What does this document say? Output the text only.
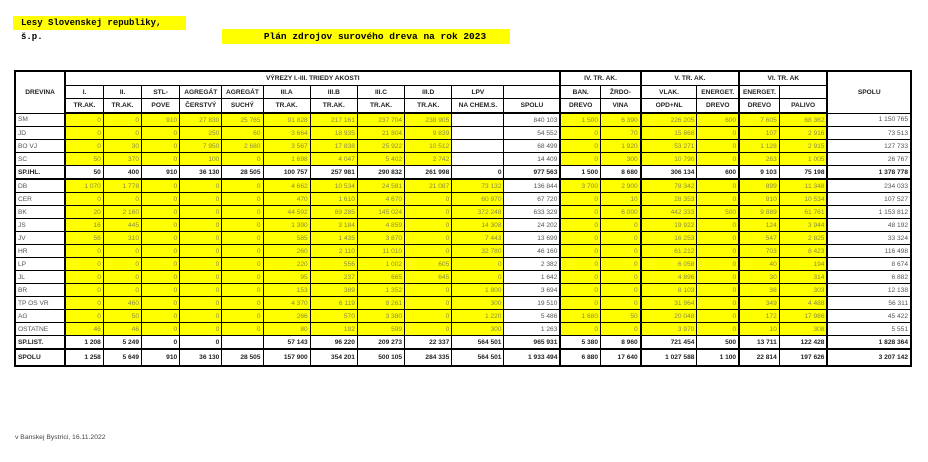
Lesy Slovenskej republiky, š.p.	Plán zdrojov surového dreva na rok 2023
DREVINA	VÝREZY I.-III. TRIEDY AKOSTI											IV. TR. AK.		V. TR. AK.		VI. TR. AK		SPOLU
	I.	II.	STL-	AGREGÁT	AGREGÁT	III.A	III.B	III.C	III.D	LPV		BAN.	ŽRDO-	VLAK.	ENERGET.	ENERGET.		
	TR.AK.	TR.AK.	POVE	ČERSTVÝ	SUCHÝ	TR.AK.	TR.AK.	TR.AK.	TR.AK.	NA CHEM.S.	SPOLU	DREVO	VINA	OPD+NL	DREVO	DREVO	PALIVO	
SM	0	0	910	27 830	25 765	91 828	217 161	237 704	238 905		840 103	1 500	6 390	226 205	600	7 605	68 362	1 150 765
JD	0	0	0	250	60	3 664	18 935	21 804	9 839		54 552	0	70	15 868	0	107	2 916	73 513
BO VJ	0	30	0	7 950	2 680	3 567	17 838	25 922	10 512		68 499	0	1 920	53 271	0	1 128	2 915	127 733
SC	50	370	0	100	0	1 698	4 047	5 402	2 742		14 409	0	300	10 790	0	263	1 005	26 767
SP.IHL.	50	400	910	36 130	28 505	100 757	257 981	290 832	261 998	0	977 563	1 500	8 680	306 134	600	9 103	75 198	1 378 778
DB	1 070	1 778	0	0	0	4 662	10 534	24 581	21 087	73 132	136 844	3 700	2 900	78 342	0	899	11 348	234 033
CER	0	0	0	0	0	470	1 610	4 670	0	60 970	67 720	0	10	28 353	0	910	10 534	107 527
BK	20	2 160	0	0	0	44 592	69 285	145 024	0	372 248	633 329	0	6 000	442 333	500	9 889	61 761	1 153 812
JS	16	445	0	0	0	1 390	3 184	4 859	0	14 308	24 202	0	0	19 922	0	124	3 944	48 192
JV	56	310	0	0	0	585	1 435	3 870	0	7 443	13 699	0	0	16 253	0	547	2 825	33 324
HR	0	0	0	0	0	260	2 110	11 010	0	32 780	46 160	0	0	61 212	0	703	8 423	116 498
LP	0	0	0	0	0	220	556	1 002	605	0	2 382	0	0	6 058	0	40	194	8 674
JL	0	0	0	0	0	95	237	665	645	0	1 642	0	0	4 896	0	30	314	6 882
BR	0	0	0	0	0	153	389	1 352	0	1 800	3 694	0	0	8 103	0	38	303	12 138
TP OS VR	0	460	0	0	0	4 370	6 119	8 261	0	300	19 510	0	0	31 964	0	349	4 488	56 311
AG	0	50	0	0	0	266	570	3 380	0	1 220	5 486	1 680	50	20 048	0	172	17 986	45 422
OSTATNE	46	46	0	0	0	80	192	599	0	300	1 263	0	0	3 970	0	10	308	5 551
SP.LIST.	1 208	5 249	0	0		57 143	96 220	209 273	22 337	564 501	965 931	5 380	8 960	721 454	500	13 711	122 428	1 828 364
SPOLU	1 258	5 649	910	36 130	28 505	157 900	354 201	500 105	284 335	564 501	1 933 494	6 880	17 640	1 027 588	1 100	22 814	197 626	3 207 142
v Banskej Bystrici, 16.11.2022
